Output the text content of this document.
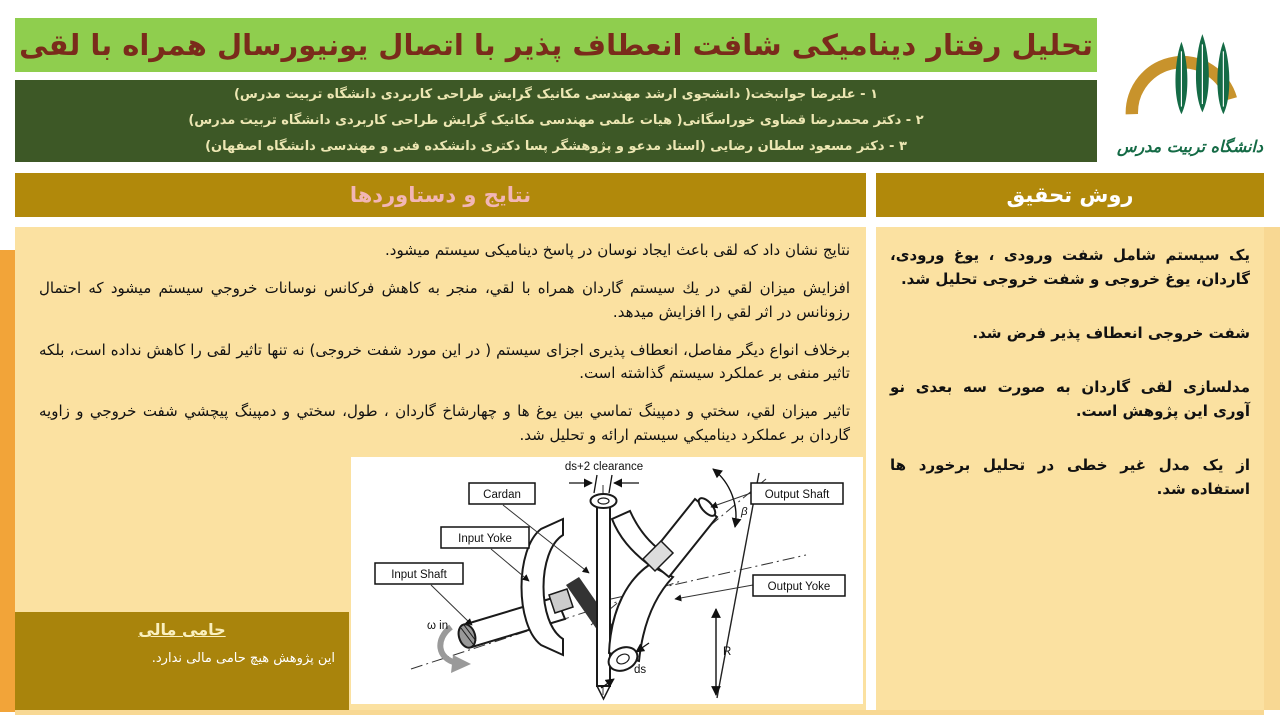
تحلیل رفتار دینامیکی شافت انعطاف پذیر با اتصال یونیورسال همراه با لقی
۱ - علیرضا جوانبخت( دانشجوی ارشد مهندسی مکانیک گرایش طراحی کاربردی دانشگاه تربیت مدرس)
۲ - دکتر محمدرضا قضاوی خوراسگانی( هیات علمی مهندسی مکانیک گرایش طراحی کاربردی دانشگاه تربیت مدرس)
۳ - دکتر مسعود سلطان رضایی (استاد مدعو و پژوهشگر پسا دکتری دانشکده فنی و مهندسی دانشگاه اصفهان)	دانشگاه تربیت مدرس
نتایج و دستاوردها	روش تحقیق

نتایج نشان داد که لقی باعث ایجاد نوسان در پاسخ دینامیکی سیستم میشود.

افزایش میزان لقي در یك سیستم گاردان همراه با لقي، منجر به کاهش فرکانس نوسانات خروجي سیستم میشود که احتمال رزونانس در اثر لقي را افزایش میدهد.

برخلاف انواع دیگر مفاصل، انعطاف پذیری اجزای سیستم ( در این مورد شفت خروجی) نه تنها تاثیر لقی را کاهش نداده است، بلکه تاثیر منفی بر عملکرد سیستم گذاشته است.

تاثیر میزان لقي، سختي و دمپینگ تماسي بین یوغ ها و چهارشاخ گاردان ، طول، سختي و دمپینگ پیچشي شفت خروجي و زاویه گاردان بر عملکرد دینامیکي سیستم ارائه و تحلیل شد.

حامی مالی
این پژوهش هیچ حامی مالی ندارد.
ds+2 clearance
β
R
ds
ω in
Cardan
Input Yoke
Input Shaft
Output Shaft
Output Yoke

یک سیستم شامل شفت ورودی ، یوغ ورودی، گاردان، یوغ خروجی و شفت خروجی تحلیل شد.

شفت خروجی انعطاف پذیر فرض شد.

مدلسازی لقی گاردان به صورت سه بعدی نو آوری این پژوهش است.

از یک مدل غیر خطی در تحلیل برخورد ها استفاده شد.
